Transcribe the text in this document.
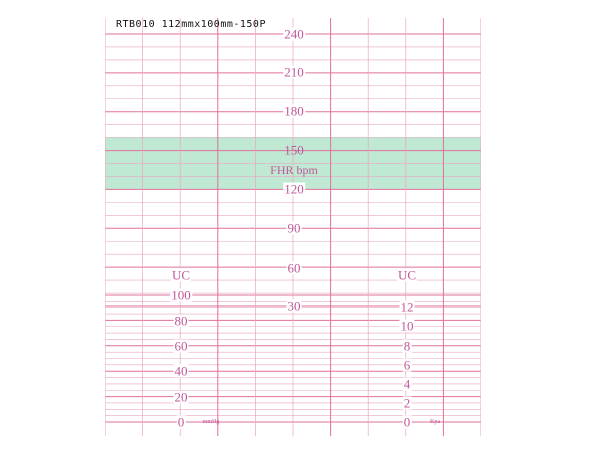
RTB010 112mmx100mm-150P
240
210
180
150
FHR bpm
120
90
60
30
UC
100
80
60
40
20
0	mmHg
UC
12
10
8
6
4
2
0	Kpa
